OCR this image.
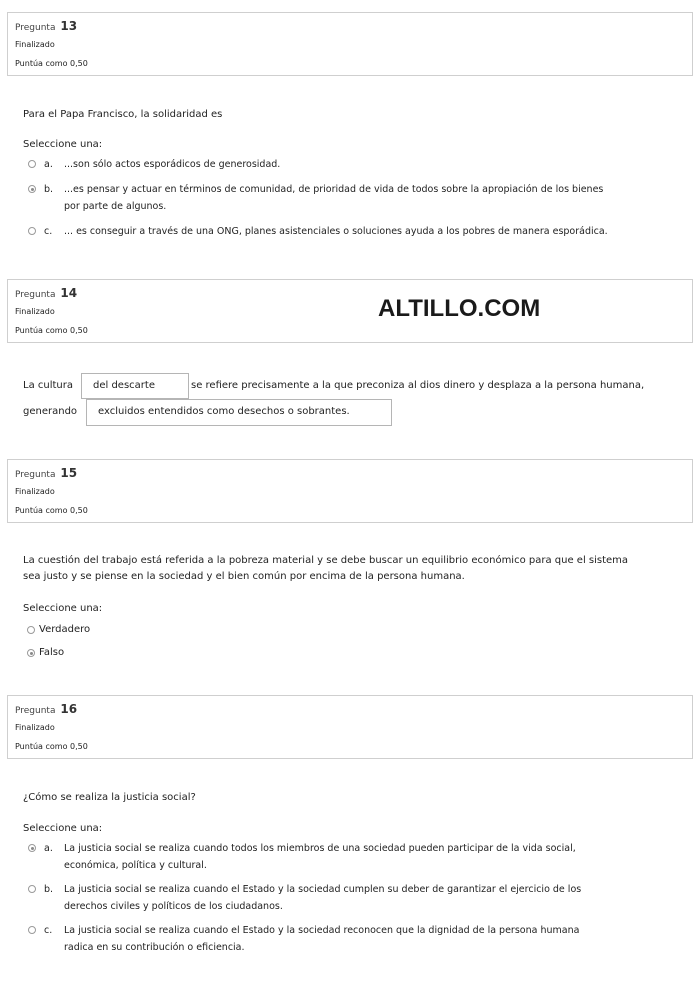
Pregunta 13
Finalizado
Puntúa como 0,50
Para el Papa Francisco, la solidaridad es
Seleccione una:
a. ...son sólo actos esporádicos de generosidad.
b. ...es pensar y actuar en términos de comunidad, de prioridad de vida de todos sobre la apropiación de los bienes
por parte de algunos.
c. ... es conseguir a través de una ONG, planes asistenciales o soluciones ayuda a los pobres de manera esporádica.
Pregunta 14
Finalizado
Puntúa como 0,50
ALTILLO.COM
La cultura	del descarte	se refiere precisamente a la que preconiza al dios dinero y desplaza a la persona humana,
generando	excluidos entendidos como desechos o sobrantes.
Pregunta 15
Finalizado
Puntúa como 0,50
La cuestión del trabajo está referida a la pobreza material y se debe buscar un equilibrio económico para que el sistema
sea justo y se piense en la sociedad y el bien común por encima de la persona humana.
Seleccione una:
Verdadero
Falso
Pregunta 16
Finalizado
Puntúa como 0,50
¿Cómo se realiza la justicia social?
Seleccione una:
a. La justicia social se realiza cuando todos los miembros de una sociedad pueden participar de la vida social,
económica, política y cultural.
b. La justicia social se realiza cuando el Estado y la sociedad cumplen su deber de garantizar el ejercicio de los
derechos civiles y políticos de los ciudadanos.
c. La justicia social se realiza cuando el Estado y la sociedad reconocen que la dignidad de la persona humana
radica en su contribución o eficiencia.
